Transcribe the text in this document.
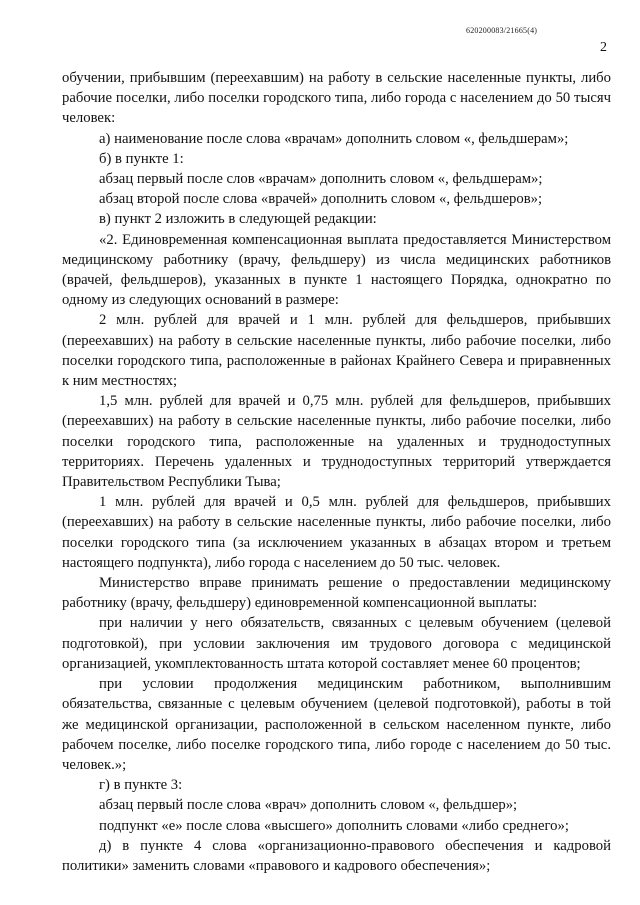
620200083/21665(4)
2

обучении, прибывшим (переехавшим) на работу в сельские населенные пункты, либо рабочие поселки, либо поселки городского типа, либо города с населением до 50 тысяч человек:

а) наименование после слова «врачам» дополнить словом «, фельдшерам»;

б) в пункте 1:

абзац первый после слов «врачам» дополнить словом «, фельдшерам»;

абзац второй после слова «врачей» дополнить словом «, фельдшеров»;

в) пункт 2 изложить в следующей редакции:

«2. Единовременная компенсационная выплата предоставляется Министерством медицинскому работнику (врачу, фельдшеру) из числа медицинских работников (врачей, фельдшеров), указанных в пункте 1 настоящего Порядка, однократно по одному из следующих оснований в размере:

2 млн. рублей для врачей и 1 млн. рублей для фельдшеров, прибывших (переехавших) на работу в сельские населенные пункты, либо рабочие поселки, либо поселки городского типа, расположенные в районах Крайнего Севера и приравненных к ним местностях;

1,5 млн. рублей для врачей и 0,75 млн. рублей для фельдшеров, прибывших (переехавших) на работу в сельские населенные пункты, либо рабочие поселки, либо поселки городского типа, расположенные на удаленных и труднодоступных территориях. Перечень удаленных и труднодоступных территорий утверждается Правительством Республики Тыва;

1 млн. рублей для врачей и 0,5 млн. рублей для фельдшеров, прибывших (переехавших) на работу в сельские населенные пункты, либо рабочие поселки, либо поселки городского типа (за исключением указанных в абзацах втором и третьем настоящего подпункта), либо города с населением до 50 тыс. человек.

Министерство вправе принимать решение о предоставлении медицинскому работнику (врачу, фельдшеру) единовременной компенсационной выплаты:

при наличии у него обязательств, связанных с целевым обучением (целевой подготовкой), при условии заключения им трудового договора с медицинской организацией, укомплектованность штата которой составляет менее 60 процентов;

при условии продолжения медицинским работником, выполнившим обязательства, связанные с целевым обучением (целевой подготовкой), работы в той же медицинской организации, расположенной в сельском населенном пункте, либо рабочем поселке, либо поселке городского типа, либо городе с населением до 50 тыс. человек.»;

г) в пункте 3:

абзац первый после слова «врач» дополнить словом «, фельдшер»;

подпункт «е» после слова «высшего» дополнить словами «либо среднего»;

д) в пункте 4 слова «организационно-правового обеспечения и кадровой политики» заменить словами «правового и кадрового обеспечения»;
